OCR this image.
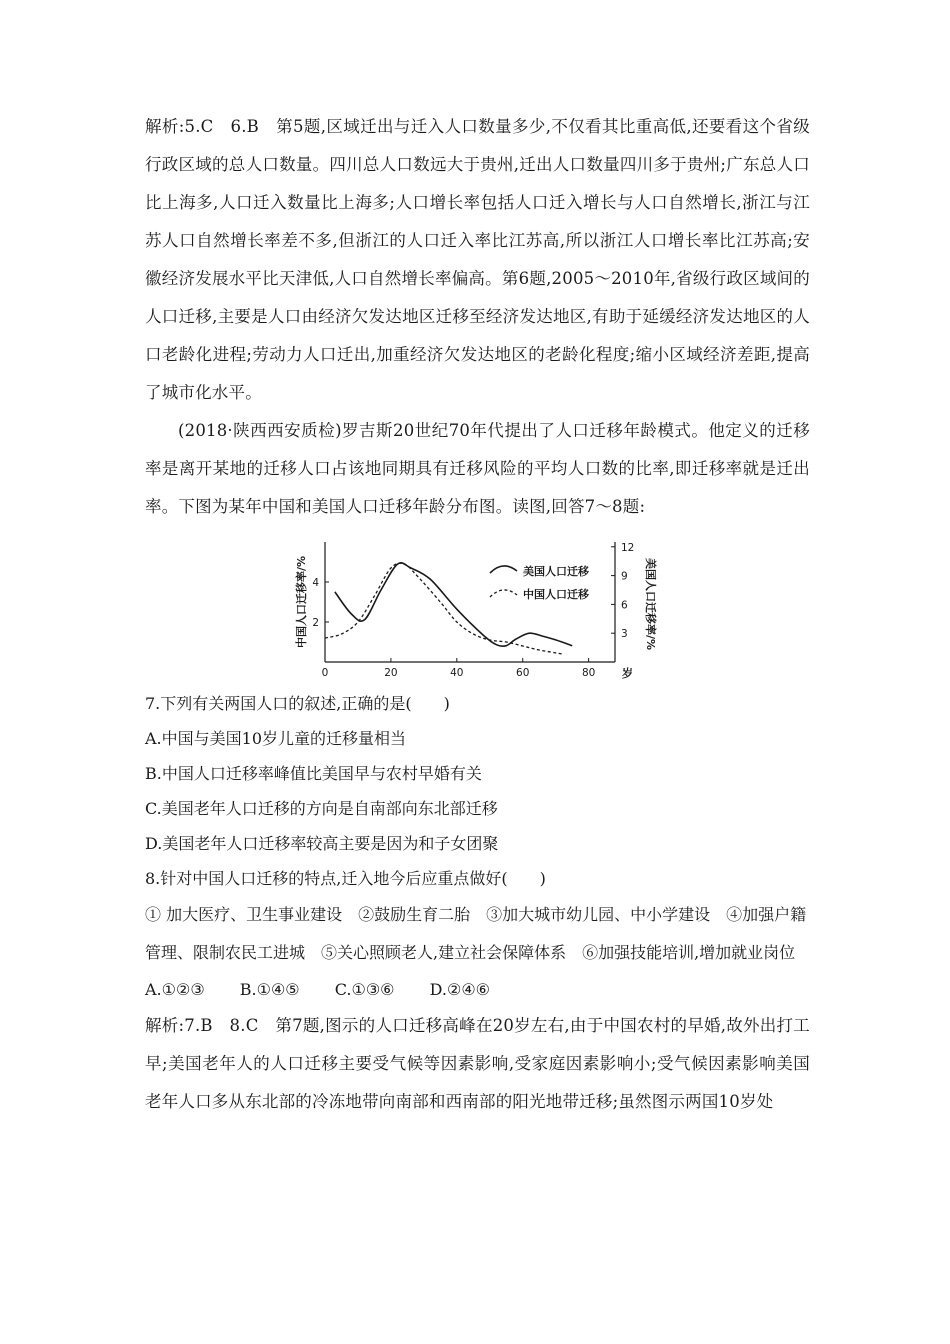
解析:5.C　6.B　第5题,区域迁出与迁入人口数量多少,不仅看其比重高低,还要看这个省级行政区域的总人口数量。四川总人口数远大于贵州,迁出人口数量四川多于贵州;广东总人口比上海多,人口迁入数量比上海多;人口增长率包括人口迁入增长与人口自然增长,浙江与江苏人口自然增长率差不多,但浙江的人口迁入率比江苏高,所以浙江人口增长率比江苏高;安徽经济发展水平比天津低,人口自然增长率偏高。第6题,2005～2010年,省级行政区域间的人口迁移,主要是人口由经济欠发达地区迁移至经济发达地区,有助于延缓经济发达地区的人口老龄化进程;劳动力人口迁出,加重经济欠发达地区的老龄化程度;缩小区域经济差距,提高了城市化水平。

(2018·陕西西安质检)罗吉斯20世纪70年代提出了人口迁移年龄模式。他定义的迁移率是离开某地的迁移人口占该地同期具有迁移风险的平均人口数的比率,即迁移率就是迁出率。下图为某年中国和美国人口迁移年龄分布图。读图,回答7～8题:

0	20	40	60	80
2
4
3
6
9
12
美国人口迁移
中国人口迁移
中国人口迁移率/%	美国人口迁移率/%
岁

7.下列有关两国人口的叙述,正确的是(　　)

A.中国与美国10岁儿童的迁移量相当

B.中国人口迁移率峰值比美国早与农村早婚有关

C.美国老年人口迁移的方向是自南部向东北部迁移

D.美国老年人口迁移率较高主要是因为和子女团聚

8.针对中国人口迁移的特点,迁入地今后应重点做好(　　)

① 加大医疗、卫生事业建设　②鼓励生育二胎　③加大城市幼儿园、中小学建设　④加强户籍管理、限制农民工进城　⑤关心照顾老人,建立社会保障体系　⑥加强技能培训,增加就业岗位

A.①②③ B.①④⑤ C.①③⑥ D.②④⑥

解析:7.B　8.C　第7题,图示的人口迁移高峰在20岁左右,由于中国农村的早婚,故外出打工早;美国老年人的人口迁移主要受气候等因素影响,受家庭因素影响小;受气候因素影响美国老年人口多从东北部的冷冻地带向南部和西南部的阳光地带迁移;虽然图示两国10岁处
